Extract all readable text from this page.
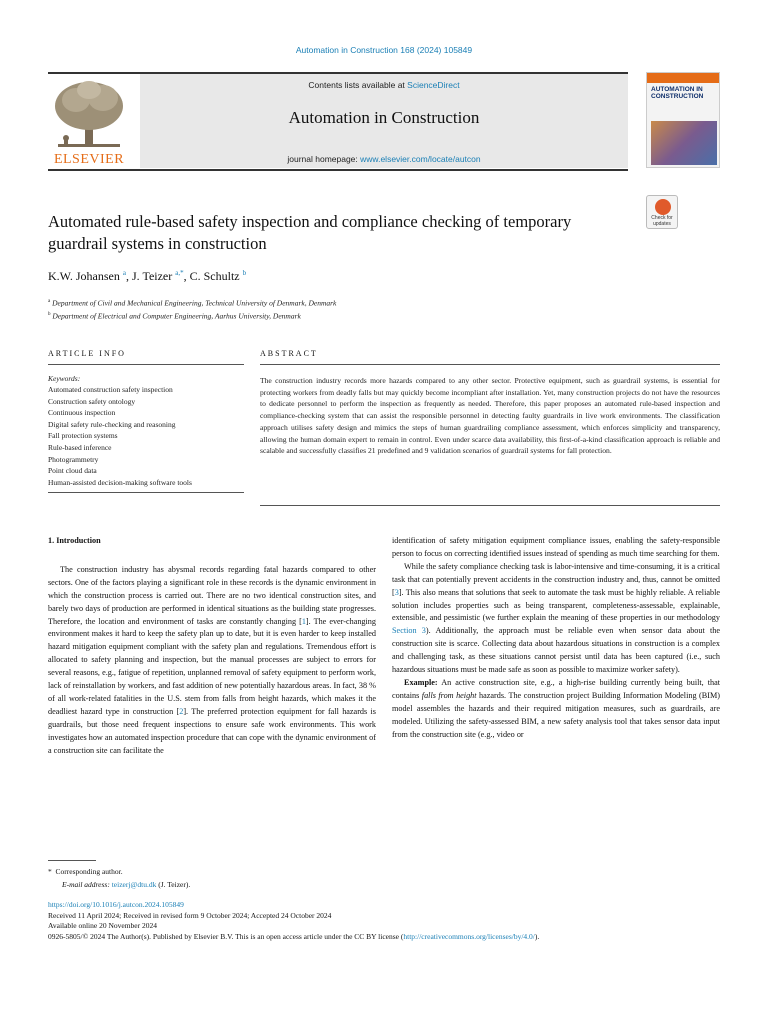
Automation in Construction 168 (2024) 105849
ELSEVIER
Contents lists available at ScienceDirect
Automation in Construction
journal homepage: www.elsevier.com/locate/autcon
AUTOMATION IN CONSTRUCTION
Automated rule-based safety inspection and compliance checking of temporary guardrail systems in construction
Check for
updates
K.W. Johansen $^a$, J. Teizer $^{a,*}$, C. Schultz $^b$
$^a$ Department of Civil and Mechanical Engineering, Technical University of Denmark, Denmark
$^b$ Department of Electrical and Computer Engineering, Aarhus University, Denmark
ARTICLE INFO
Keywords:
Automated construction safety inspection
Construction safety ontology
Continuous inspection
Digital safety rule-checking and reasoning
Fall protection systems
Rule-based inference
Photogrammetry
Point cloud data
Human-assisted decision-making software tools
ABSTRACT
The construction industry records more hazards compared to any other sector. Protective equipment, such as guardrail systems, is essential for protecting workers from deadly falls but may quickly become incompliant after installation. Yet, many construction projects do not have the resources to dedicate personnel to perform the inspection as frequently as needed. Therefore, this paper proposes an automated rule-based inspection and compliance-checking system that can assist the responsible personnel in detecting faulty guardrails in live work environments. The classification approach utilises safety design and mimics the steps of human guardrailing compliance assessment, which enforces simplicity and transparency, allowing the human domain expert to remain in control. Even under scarce data availability, this first-of-a-kind classification approach is reliable and scalable and successfully classifies 21 predefined and 9 validation scenarios of guardrail systems for fall protection.
1. Introduction

The construction industry has abysmal records regarding fatal hazards compared to other sectors. One of the factors playing a significant role in these records is the dynamic environment in which the construction process is carried out. There are no two identical construction sites, and barely two days of production are performed in identical situations as the building state progresses. Therefore, the location and environment of tasks are constantly changing [1]. The ever-changing environment makes it hard to keep the safety plan up to date, but it is even harder to keep installed hazard mitigation equipment compliant with the safety plan and regulations. Tremendous effort is allocated to safety planning and inspection, but the manual processes are subject to errors for several reasons, e.g., fatigue of repetition, unplanned removal of safety equipment to perform work, lack of reinstallation by workers, and fast addition of new potentially hazardous areas. In fact, 38 % of all work-related fatalities in the U.S. stem from falls from height hazards, which makes it the deadliest hazard type in construction [2]. The preferred protection equipment for fall hazards is guardrails, but those need frequent inspections to ensure safe work environments. This work investigates how an automated inspection procedure that can cope with the dynamic environment of a construction site can facilitate the

identification of safety mitigation equipment compliance issues, enabling the safety-responsible person to focus on correcting identified issues instead of spending as much time searching for them.

While the safety compliance checking task is labor-intensive and time-consuming, it is a critical task that can potentially prevent accidents in the construction industry and, thus, cannot be omitted [3]. This also means that solutions that seek to automate the task must be highly reliable. A reliable solution includes properties such as being transparent, completeness-assessable, explainable, extensible, and pessimistic (we further explain the meaning of these properties in our methodology Section 3). Additionally, the approach must be reliable even when sensor data about the construction site is scarce. Collecting data about hazardous situations in construction is a complex and challenging task, as these situations cannot persist until data has been captured (i.e., such hazardous situations must be made safe as soon as possible to maximize worker safety).

Example: An active construction site, e.g., a high-rise building currently being built, that contains falls from height hazards. The construction project Building Information Modeling (BIM) model assembles the hazards and their required mitigation measures, such as guardrails, are modeled. Utilizing the safety-assessed BIM, a new safety analysis tool that takes sensor data input from the construction site (e.g., video or

*  Corresponding author.
E-mail address: teizerj@dtu.dk (J. Teizer).
https://doi.org/10.1016/j.autcon.2024.105849
Received 11 April 2024; Received in revised form 9 October 2024; Accepted 24 October 2024
Available online 20 November 2024
0926-5805/© 2024 The Author(s). Published by Elsevier B.V. This is an open access article under the CC BY license (http://creativecommons.org/licenses/by/4.0/).
